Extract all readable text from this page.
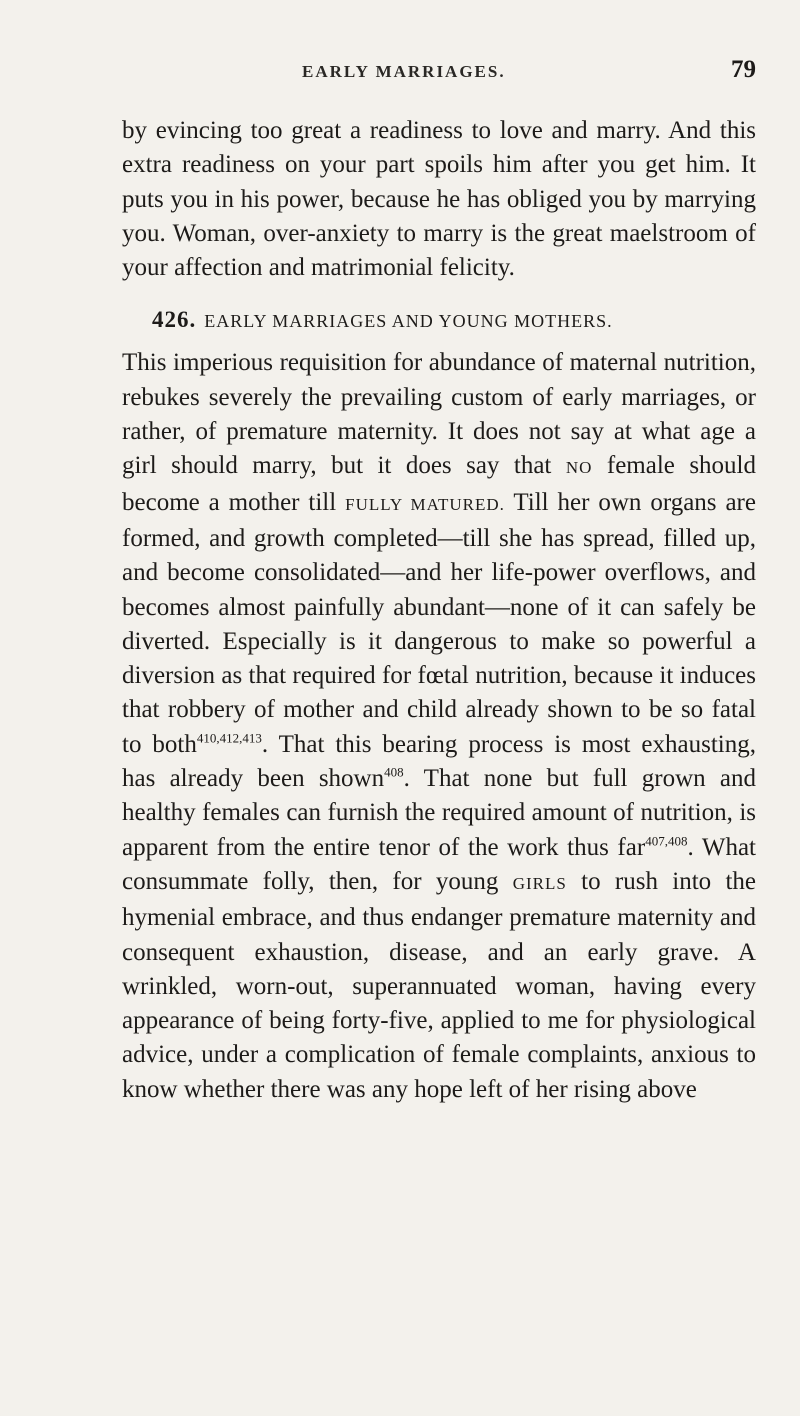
EARLY MARRIAGES.	79

by evincing too great a readiness to love and marry. And this extra readiness on your part spoils him after you get him. It puts you in his power, because he has obliged you by marrying you. Woman, over-anxiety to marry is the great maelstroom of your affection and matrimonial felicity.

426. EARLY MARRIAGES AND YOUNG MOTHERS.

This imperious requisition for abundance of maternal nutrition, rebukes severely the prevailing custom of early marriages, or rather, of premature maternity. It does not say at what age a girl should marry, but it does say that NO female should become a mother till FULLY MATURED. Till her own organs are formed, and growth completed—till she has spread, filled up, and become consolidated—and her life-power overflows, and becomes almost painfully abundant—none of it can safely be diverted. Especially is it dangerous to make so powerful a diversion as that required for fœtal nutrition, because it induces that robbery of mother and child already shown to be so fatal to both$^{410,412,413}$. That this bearing process is most exhausting, has already been shown$^{408}$. That none but full grown and healthy females can furnish the required amount of nutrition, is apparent from the entire tenor of the work thus far$^{407,408}$. What consummate folly, then, for young GIRLS to rush into the hymenial embrace, and thus endanger premature maternity and consequent exhaustion, disease, and an early grave. A wrinkled, worn-out, superannuated woman, having every appearance of being forty-five, applied to me for physiological advice, under a complication of female complaints, anxious to know whether there was any hope left of her rising above
